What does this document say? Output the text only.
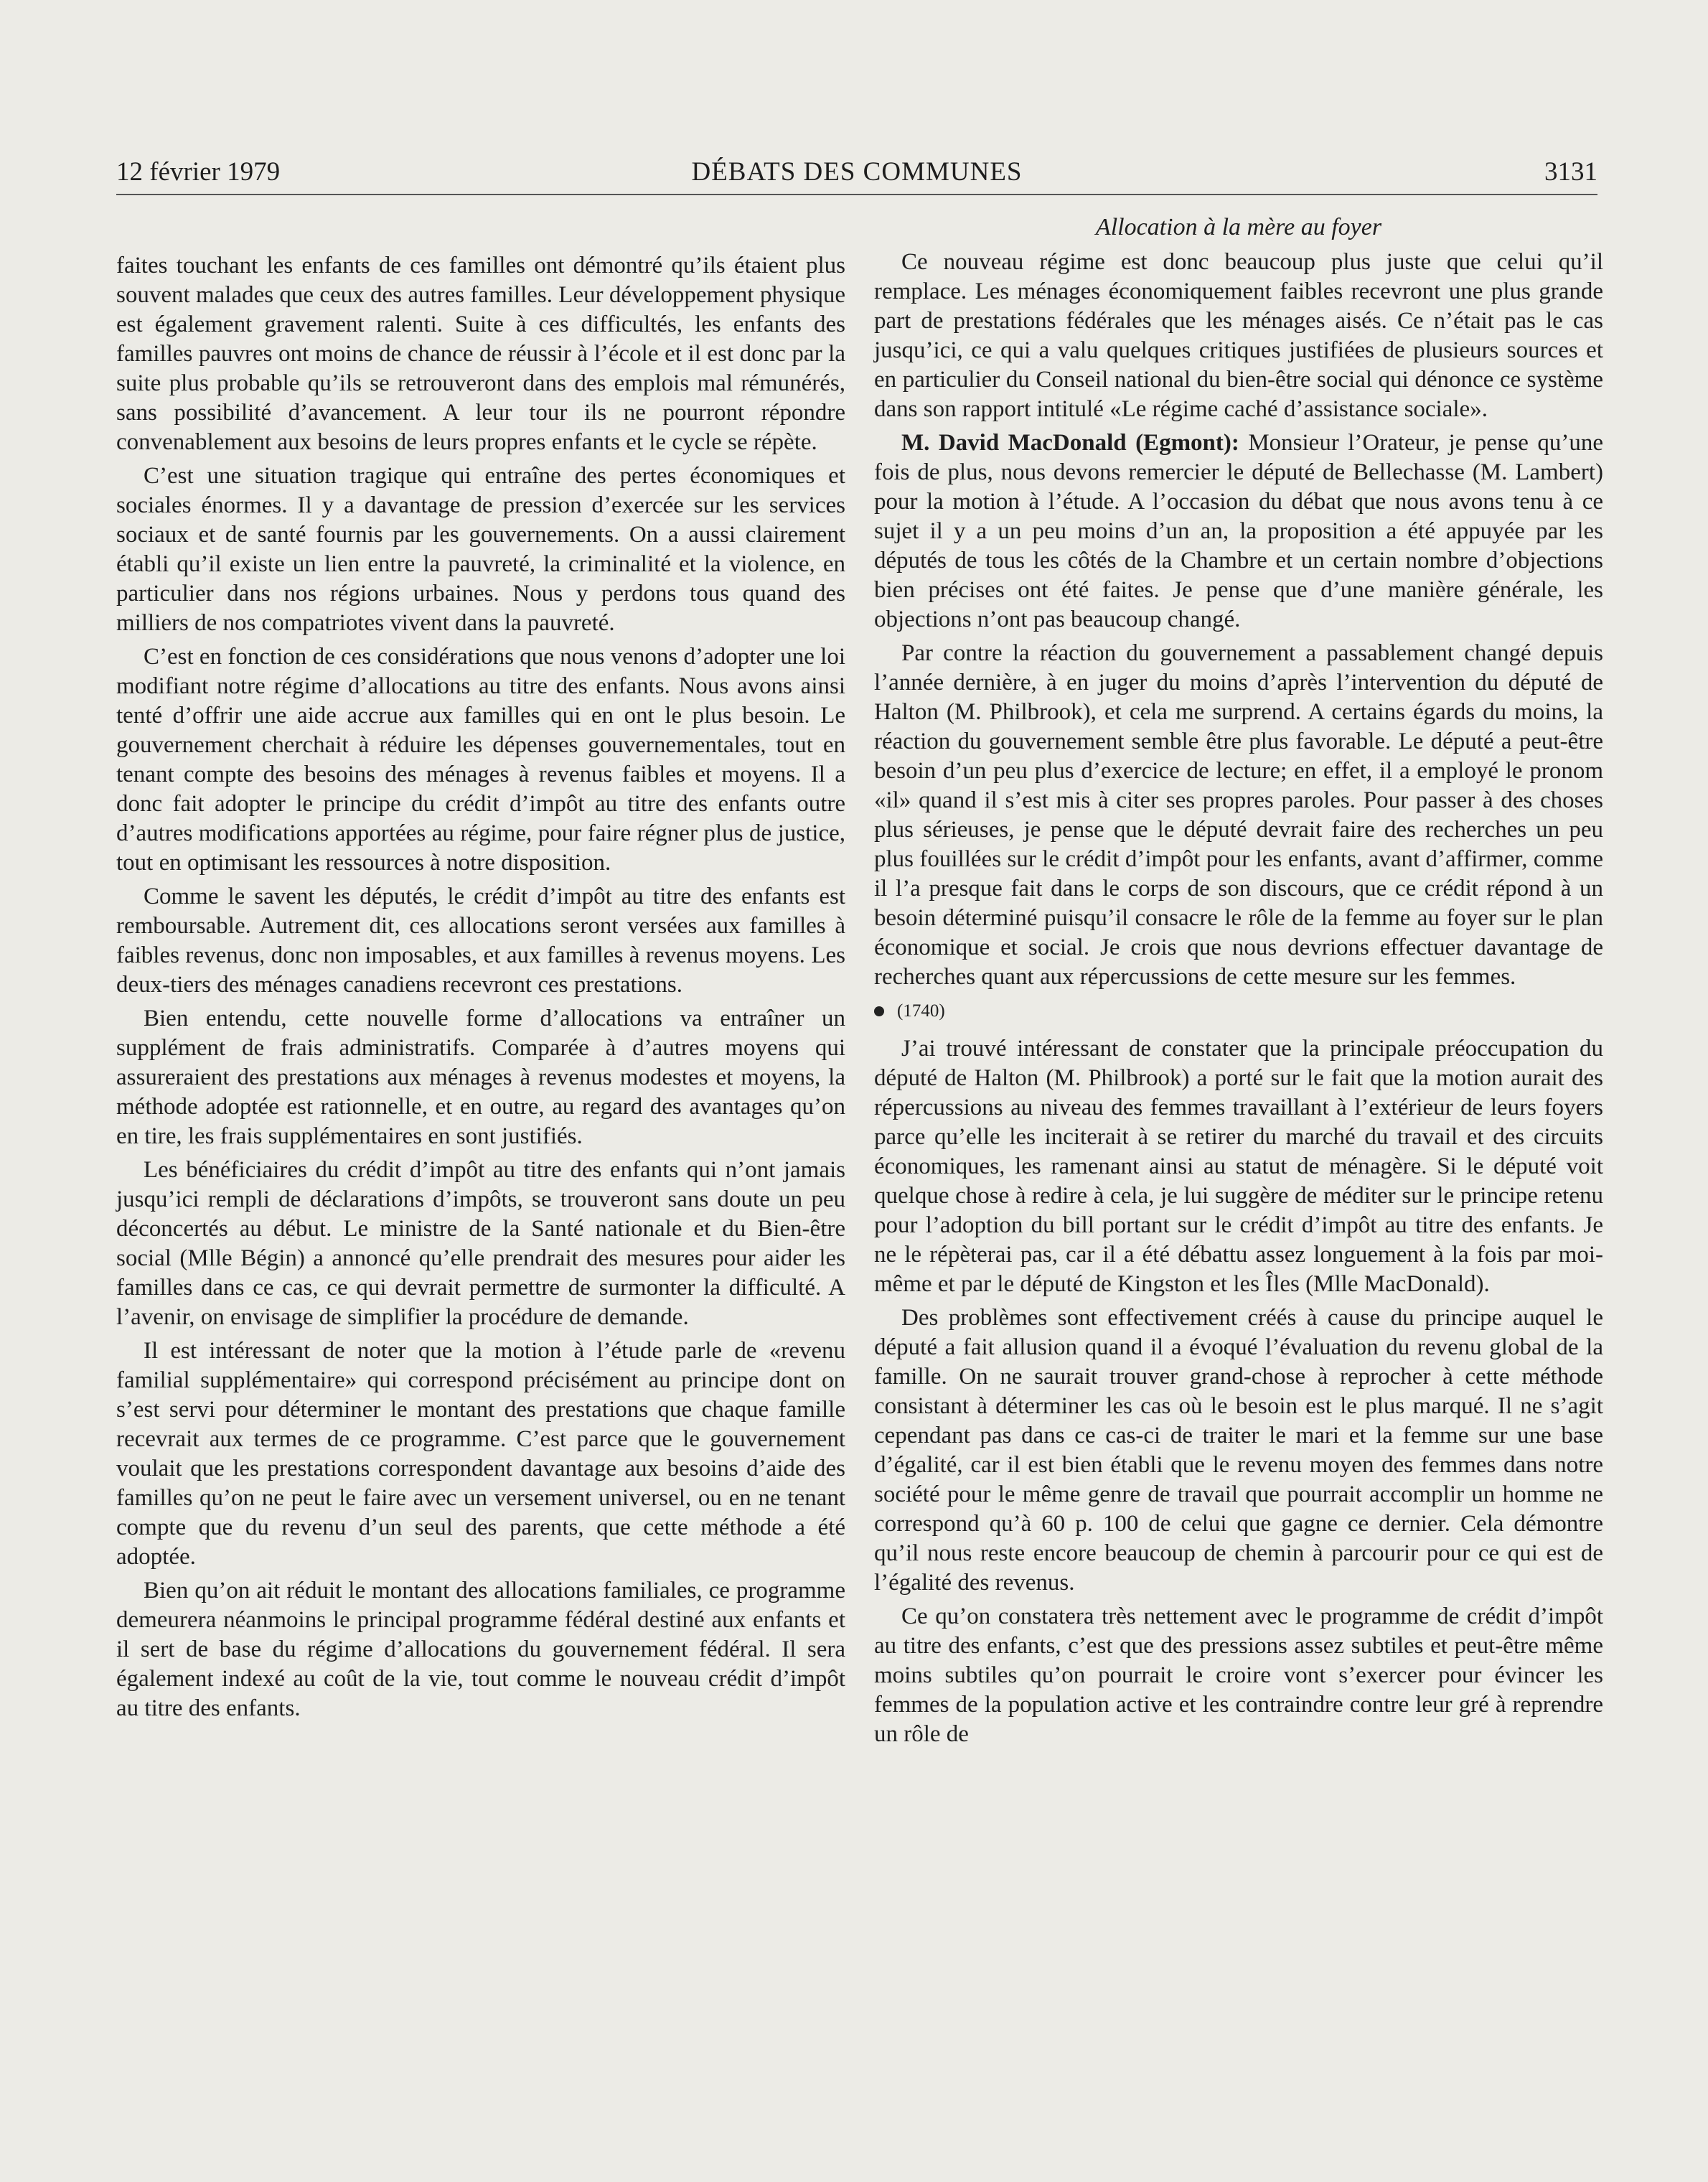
12 février 1979	DÉBATS DES COMMUNES	3131

faites touchant les enfants de ces familles ont démontré qu’ils étaient plus souvent malades que ceux des autres familles. Leur développement physique est également gravement ralenti. Suite à ces difficultés, les enfants des familles pauvres ont moins de chance de réussir à l’école et il est donc par la suite plus probable qu’ils se retrouveront dans des emplois mal rémunérés, sans possibilité d’avancement. A leur tour ils ne pourront répondre convenablement aux besoins de leurs propres enfants et le cycle se répète.

C’est une situation tragique qui entraîne des pertes économiques et sociales énormes. Il y a davantage de pression d’exercée sur les services sociaux et de santé fournis par les gouvernements. On a aussi clairement établi qu’il existe un lien entre la pauvreté, la criminalité et la violence, en particulier dans nos régions urbaines. Nous y perdons tous quand des milliers de nos compatriotes vivent dans la pauvreté.

C’est en fonction de ces considérations que nous venons d’adopter une loi modifiant notre régime d’allocations au titre des enfants. Nous avons ainsi tenté d’offrir une aide accrue aux familles qui en ont le plus besoin. Le gouvernement cherchait à réduire les dépenses gouvernementales, tout en tenant compte des besoins des ménages à revenus faibles et moyens. Il a donc fait adopter le principe du crédit d’impôt au titre des enfants outre d’autres modifications apportées au régime, pour faire régner plus de justice, tout en optimisant les ressources à notre disposition.

Comme le savent les députés, le crédit d’impôt au titre des enfants est remboursable. Autrement dit, ces allocations seront versées aux familles à faibles revenus, donc non imposables, et aux familles à revenus moyens. Les deux-tiers des ménages canadiens recevront ces prestations.

Bien entendu, cette nouvelle forme d’allocations va entraîner un supplément de frais administratifs. Comparée à d’autres moyens qui assureraient des prestations aux ménages à revenus modestes et moyens, la méthode adoptée est rationnelle, et en outre, au regard des avantages qu’on en tire, les frais supplémentaires en sont justifiés.

Les bénéficiaires du crédit d’impôt au titre des enfants qui n’ont jamais jusqu’ici rempli de déclarations d’impôts, se trouveront sans doute un peu déconcertés au début. Le ministre de la Santé nationale et du Bien-être social (Mlle Bégin) a annoncé qu’elle prendrait des mesures pour aider les familles dans ce cas, ce qui devrait permettre de surmonter la difficulté. A l’avenir, on envisage de simplifier la procédure de demande.

Il est intéressant de noter que la motion à l’étude parle de «revenu familial supplémentaire» qui correspond précisément au principe dont on s’est servi pour déterminer le montant des prestations que chaque famille recevrait aux termes de ce programme. C’est parce que le gouvernement voulait que les prestations correspondent davantage aux besoins d’aide des familles qu’on ne peut le faire avec un versement universel, ou en ne tenant compte que du revenu d’un seul des parents, que cette méthode a été adoptée.

Bien qu’on ait réduit le montant des allocations familiales, ce programme demeurera néanmoins le principal programme fédéral destiné aux enfants et il sert de base du régime d’allocations du gouvernement fédéral. Il sera également indexé au coût de la vie, tout comme le nouveau crédit d’impôt au titre des enfants.

Allocation à la mère au foyer

Ce nouveau régime est donc beaucoup plus juste que celui qu’il remplace. Les ménages économiquement faibles recevront une plus grande part de prestations fédérales que les ménages aisés. Ce n’était pas le cas jusqu’ici, ce qui a valu quelques critiques justifiées de plusieurs sources et en particulier du Conseil national du bien-être social qui dénonce ce système dans son rapport intitulé «Le régime caché d’assistance sociale».

M. David MacDonald (Egmont): Monsieur l’Orateur, je pense qu’une fois de plus, nous devons remercier le député de Bellechasse (M. Lambert) pour la motion à l’étude. A l’occasion du débat que nous avons tenu à ce sujet il y a un peu moins d’un an, la proposition a été appuyée par les députés de tous les côtés de la Chambre et un certain nombre d’objections bien précises ont été faites. Je pense que d’une manière générale, les objections n’ont pas beaucoup changé.

Par contre la réaction du gouvernement a passablement changé depuis l’année dernière, à en juger du moins d’après l’intervention du député de Halton (M. Philbrook), et cela me surprend. A certains égards du moins, la réaction du gouvernement semble être plus favorable. Le député a peut-être besoin d’un peu plus d’exercice de lecture; en effet, il a employé le pronom «il» quand il s’est mis à citer ses propres paroles. Pour passer à des choses plus sérieuses, je pense que le député devrait faire des recherches un peu plus fouillées sur le crédit d’impôt pour les enfants, avant d’affirmer, comme il l’a presque fait dans le corps de son discours, que ce crédit répond à un besoin déterminé puisqu’il consacre le rôle de la femme au foyer sur le plan économique et social. Je crois que nous devrions effectuer davantage de recherches quant aux répercussions de cette mesure sur les femmes.

(1740)

J’ai trouvé intéressant de constater que la principale préoccupation du député de Halton (M. Philbrook) a porté sur le fait que la motion aurait des répercussions au niveau des femmes travaillant à l’extérieur de leurs foyers parce qu’elle les inciterait à se retirer du marché du travail et des circuits économiques, les ramenant ainsi au statut de ménagère. Si le député voit quelque chose à redire à cela, je lui suggère de méditer sur le principe retenu pour l’adoption du bill portant sur le crédit d’impôt au titre des enfants. Je ne le répèterai pas, car il a été débattu assez longuement à la fois par moi-même et par le député de Kingston et les Îles (Mlle MacDonald).

Des problèmes sont effectivement créés à cause du principe auquel le député a fait allusion quand il a évoqué l’évaluation du revenu global de la famille. On ne saurait trouver grand-chose à reprocher à cette méthode consistant à déterminer les cas où le besoin est le plus marqué. Il ne s’agit cependant pas dans ce cas-ci de traiter le mari et la femme sur une base d’égalité, car il est bien établi que le revenu moyen des femmes dans notre société pour le même genre de travail que pourrait accomplir un homme ne correspond qu’à 60 p. 100 de celui que gagne ce dernier. Cela démontre qu’il nous reste encore beaucoup de chemin à parcourir pour ce qui est de l’égalité des revenus.

Ce qu’on constatera très nettement avec le programme de crédit d’impôt au titre des enfants, c’est que des pressions assez subtiles et peut-être même moins subtiles qu’on pourrait le croire vont s’exercer pour évincer les femmes de la population active et les contraindre contre leur gré à reprendre un rôle de
